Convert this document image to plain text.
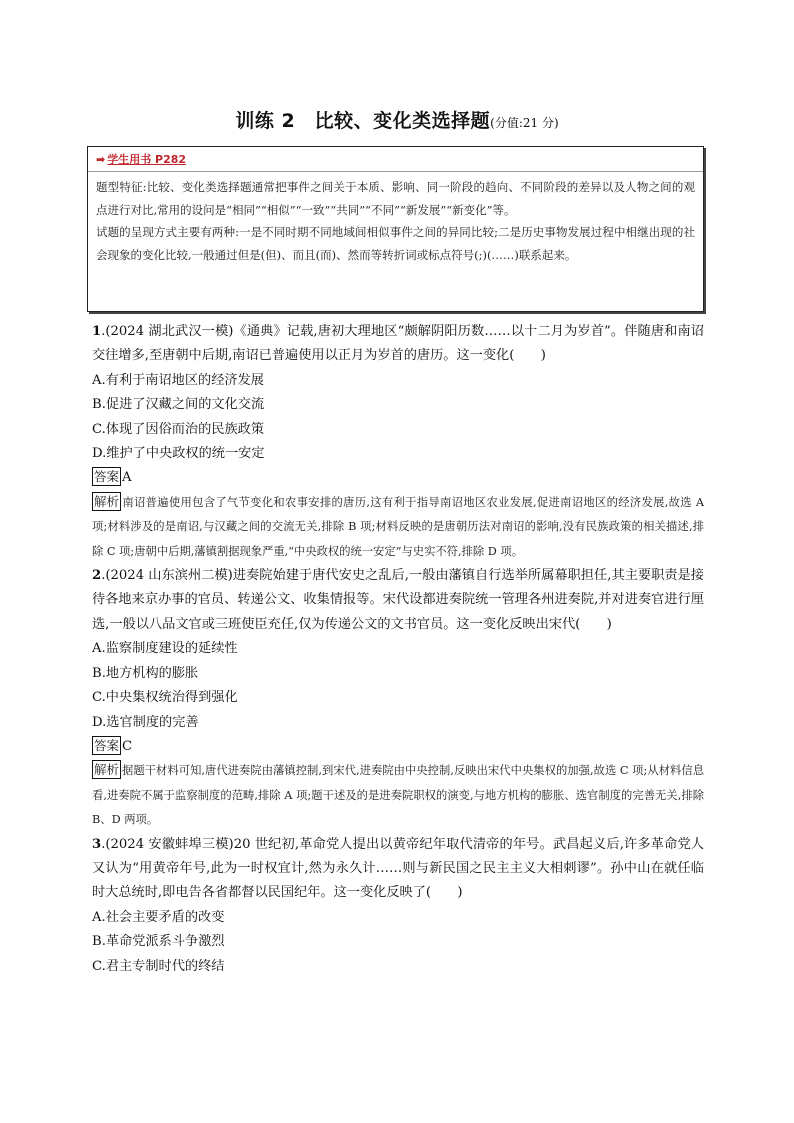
训练 2　比较、变化类选择题(分值:21 分)
➡ 学生用书 P282

题型特征:比较、变化类选择题通常把事件之间关于本质、影响、同一阶段的趋向、不同阶段的差异以及人物之间的观点进行对比,常用的设问是“相同”“相似”“一致”“共同”“不同”“新发展”“新变化”等。

试题的呈现方式主要有两种:一是不同时期不同地域间相似事件之间的异同比较;二是历史事物发展过程中相继出现的社会现象的变化比较,一般通过但是(但)、而且(而)、然而等转折词或标点符号(;)(……)联系起来。

1.(2024 湖北武汉一模)《通典》记载,唐初大理地区“颇解阴阳历数……以十二月为岁首”。伴随唐和南诏交往增多,至唐朝中后期,南诏已普遍使用以正月为岁首的唐历。这一变化(　　)

A.有利于南诏地区的经济发展

B.促进了汉藏之间的文化交流

C.体现了因俗而治的民族政策

D.维护了中央政权的统一安定

答案 A

解析 南诏普遍使用包含了气节变化和农事安排的唐历,这有利于指导南诏地区农业发展,促进南诏地区的经济发展,故选 A 项;材料涉及的是南诏,与汉藏之间的交流无关,排除 B 项;材料反映的是唐朝历法对南诏的影响,没有民族政策的相关描述,排除 C 项;唐朝中后期,藩镇割据现象严重,“中央政权的统一安定”与史实不符,排除 D 项。

2.(2024 山东滨州二模)进奏院始建于唐代安史之乱后,一般由藩镇自行选举所属幕职担任,其主要职责是接待各地来京办事的官员、转递公文、收集情报等。宋代设都进奏院统一管理各州进奏院,并对进奏官进行厘选,一般以八品文官或三班使臣充任,仅为传递公文的文书官员。这一变化反映出宋代(　　)

A.监察制度建设的延续性

B.地方机构的膨胀

C.中央集权统治得到强化

D.选官制度的完善

答案 C

解析 据题干材料可知,唐代进奏院由藩镇控制,到宋代,进奏院由中央控制,反映出宋代中央集权的加强,故选 C 项;从材料信息看,进奏院不属于监察制度的范畴,排除 A 项;题干述及的是进奏院职权的演变,与地方机构的膨胀、选官制度的完善无关,排除 B、D 两项。

3.(2024 安徽蚌埠三模)20 世纪初,革命党人提出以黄帝纪年取代清帝的年号。武昌起义后,许多革命党人又认为“用黄帝年号,此为一时权宜计,然为永久计……则与新民国之民主主义大相刺谬”。孙中山在就任临时大总统时,即电告各省都督以民国纪年。这一变化反映了(　　)

A.社会主要矛盾的改变

B.革命党派系斗争激烈

C.君主专制时代的终结
